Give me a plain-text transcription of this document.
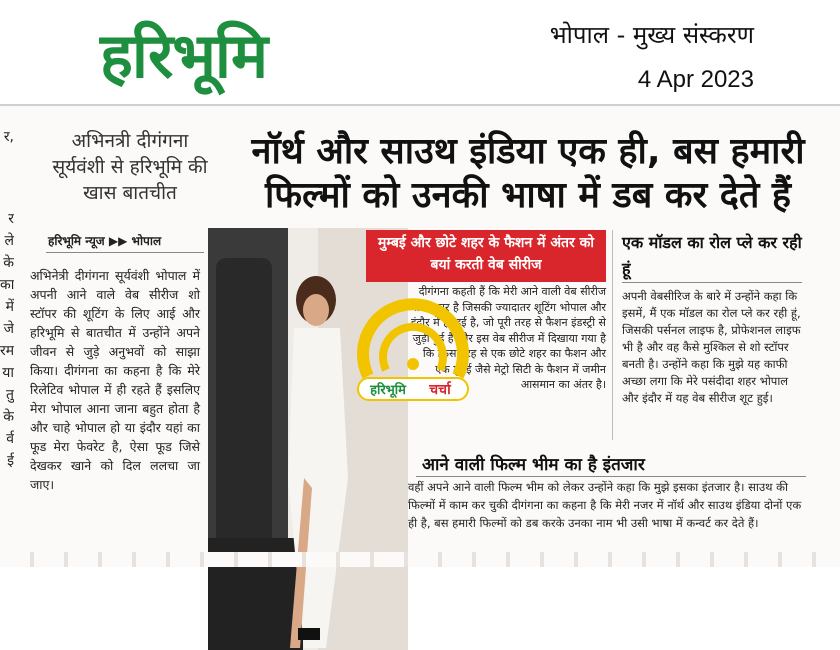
हरिभूमि	भोपाल - मुख्य संस्करण
4 Apr 2023
र,
र
ले
के
का
में
जे
रम
या
तु
के
र्व
ई
अभिनत्री दीगंगना सूर्यवंशी से हरिभूमि की खास बातचीत
नॉर्थ और साउथ इंडिया एक ही, बस हमारी फिल्मों को उनकी भाषा में डब कर देते हैं
हरिभूमि न्यूज ▶▶ भोपाल
अभिनेत्री दीगंगना सूर्यवंशी भोपाल में अपनी आने वाले वेब सीरीज शो स्टॉपर की शूटिंग के लिए आई और हरिभूमि से बातचीत में उन्होंने अपने जीवन से जुड़े अनुभवों को साझा किया। दीगंगना का कहना है कि मेरे रिलेटिव भोपाल में ही रहते हैं इसलिए मेरा भोपाल आना जाना बहुत होता है और चाहे भोपाल हो या इंदौर यहां का फूड मेरा फेवरेट है, ऐसा फूड जिसे देखकर खाने को दिल ललचा जा जाए।
मुम्बई और छोटे शहर के फैशन में अंतर को बयां करती वेब सीरीज
दीगंगना कहती हैं कि मेरी आने वाली वेब सीरीज शो स्टापर है जिसकी ज्यादातर शूटिंग भोपाल और इंदौर में ही हुई है, जो पूरी तरह से फैशन इंडस्ट्री से जुड़ी हुई है और इस वेब सीरीज में दिखाया गया है कि किस तरह से एक छोटे शहर का फैशन और एक मुंबई जैसे मेट्रो सिटी के फैशन में जमीन आसमान का अंतर है।
हरिभूमि चर्चा
एक मॉडल का रोल प्ले कर रही हूं
अपनी वेबसीरिज के बारे में उन्होंने कहा कि इसमें, मैं एक मॉडल का रोल प्ले कर रही हूं, जिसकी पर्सनल लाइफ है, प्रोफेशनल लाइफ भी है और वह कैसे मुश्किल से शो स्टॉपर बनती है। उन्होंने कहा कि मुझे यह काफी अच्छा लगा कि मेरे पसंदीदा शहर भोपाल और इंदौर में यह वेब सीरीज शूट हुई।
आने वाली फिल्म भीम का है इंतजार
वहीं अपने आने वाली फिल्म भीम को लेकर उन्होंने कहा कि मुझे इसका इंतजार है। साउथ की फिल्मों में काम कर चुकी दीगंगना का कहना है कि मेरी नजर में नॉर्थ और साउथ इंडिया दोनों एक ही है, बस हमारी फिल्मों को डब करके उनका नाम भी उसी भाषा में कन्वर्ट कर देते हैं।
